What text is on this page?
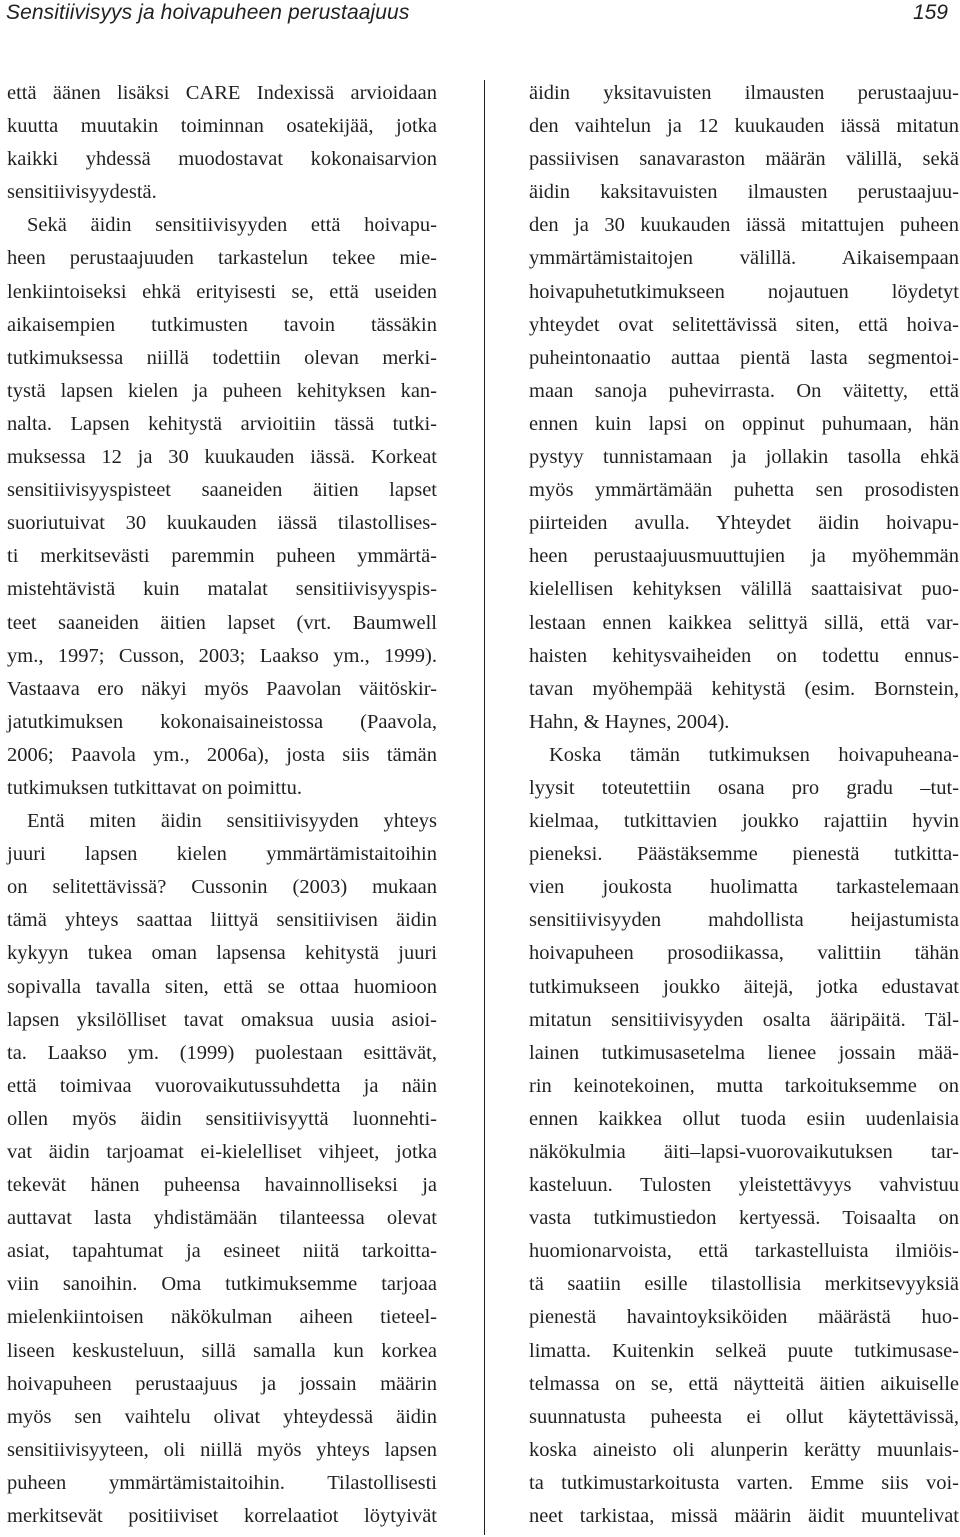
Sensitiivisyys ja hoivapuheen perustaajuus	159
että äänen lisäksi CARE Indexissä arvioidaan
kuutta muutakin toiminnan osatekijää, jotka
kaikki yhdessä muodostavat kokonaisarvion
sensitiivisyydestä.
Sekä äidin sensitiivisyyden että hoivapu-
heen perustaajuuden tarkastelun tekee mie-
lenkiintoiseksi ehkä erityisesti se, että useiden
aikaisempien tutkimusten tavoin tässäkin
tutkimuksessa niillä todettiin olevan merki-
tystä lapsen kielen ja puheen kehityksen kan-
nalta. Lapsen kehitystä arvioitiin tässä tutki-
muksessa 12 ja 30 kuukauden iässä. Korkeat
sensitiivisyyspisteet saaneiden äitien lapset
suoriutuivat 30 kuukauden iässä tilastollises-
ti merkitsevästi paremmin puheen ymmärtä-
mistehtävistä kuin matalat sensitiivisyyspis-
teet saaneiden äitien lapset (vrt. Baumwell
ym., 1997; Cusson, 2003; Laakso ym., 1999).
Vastaava ero näkyi myös Paavolan väitöskir-
jatutkimuksen kokonaisaineistossa (Paavola,
2006; Paavola ym., 2006a), josta siis tämän
tutkimuksen tutkittavat on poimittu.
Entä miten äidin sensitiivisyyden yhteys
juuri lapsen kielen ymmärtämistaitoihin
on selitettävissä? Cussonin (2003) mukaan
tämä yhteys saattaa liittyä sensitiivisen äidin
kykyyn tukea oman lapsensa kehitystä juuri
sopivalla tavalla siten, että se ottaa huomioon
lapsen yksilölliset tavat omaksua uusia asioi-
ta. Laakso ym. (1999) puolestaan esittävät,
että toimivaa vuorovaikutussuhdetta ja näin
ollen myös äidin sensitiivisyyttä luonnehti-
vat äidin tarjoamat ei-kielelliset vihjeet, jotka
tekevät hänen puheensa havainnolliseksi ja
auttavat lasta yhdistämään tilanteessa olevat
asiat, tapahtumat ja esineet niitä tarkoitta-
viin sanoihin. Oma tutkimuksemme tarjoaa
mielenkiintoisen näkökulman aiheen tieteel-
liseen keskusteluun, sillä samalla kun korkea
hoivapuheen perustaajuus ja jossain määrin
myös sen vaihtelu olivat yhteydessä äidin
sensitiivisyyteen, oli niillä myös yhteys lapsen
puheen ymmärtämistaitoihin. Tilastollisesti
merkitsevät positiiviset korrelaatiot löytyivät
äidin yksitavuisten ilmausten perustaajuu-
den vaihtelun ja 12 kuukauden iässä mitatun
passiivisen sanavaraston määrän välillä, sekä
äidin kaksitavuisten ilmausten perustaajuu-
den ja 30 kuukauden iässä mitattujen puheen
ymmärtämistaitojen välillä. Aikaisempaan
hoivapuhetutkimukseen nojautuen löydetyt
yhteydet ovat selitettävissä siten, että hoiva-
puheintonaatio auttaa pientä lasta segmentoi-
maan sanoja puhevirrasta. On väitetty, että
ennen kuin lapsi on oppinut puhumaan, hän
pystyy tunnistamaan ja jollakin tasolla ehkä
myös ymmärtämään puhetta sen prosodisten
piirteiden avulla. Yhteydet äidin hoivapu-
heen perustaajuusmuuttujien ja myöhemmän
kielellisen kehityksen välillä saattaisivat puo-
lestaan ennen kaikkea selittyä sillä, että var-
haisten kehitysvaiheiden on todettu ennus-
tavan myöhempää kehitystä (esim. Bornstein,
Hahn, & Haynes, 2004).
Koska tämän tutkimuksen hoivapuheana-
lyysit toteutettiin osana pro gradu –tut-
kielmaa, tutkittavien joukko rajattiin hyvin
pieneksi. Päästäksemme pienestä tutkitta-
vien joukosta huolimatta tarkastelemaan
sensitiivisyyden mahdollista heijastumista
hoivapuheen prosodiikassa, valittiin tähän
tutkimukseen joukko äitejä, jotka edustavat
mitatun sensitiivisyyden osalta ääripäitä. Täl-
lainen tutkimusasetelma lienee jossain mää-
rin keinotekoinen, mutta tarkoituksemme on
ennen kaikkea ollut tuoda esiin uudenlaisia
näkökulmia äiti–lapsi-vuorovaikutuksen tar-
kasteluun. Tulosten yleistettävyys vahvistuu
vasta tutkimustiedon kertyessä. Toisaalta on
huomionarvoista, että tarkastelluista ilmiöis-
tä saatiin esille tilastollisia merkitsevyyksiä
pienestä havaintoyksiköiden määrästä huo-
limatta. Kuitenkin selkeä puute tutkimusase-
telmassa on se, että näytteitä äitien aikuiselle
suunnatusta puheesta ei ollut käytettävissä,
koska aineisto oli alunperin kerätty muunlais-
ta tutkimustarkoitusta varten. Emme siis voi-
neet tarkistaa, missä määrin äidit muuntelivat
